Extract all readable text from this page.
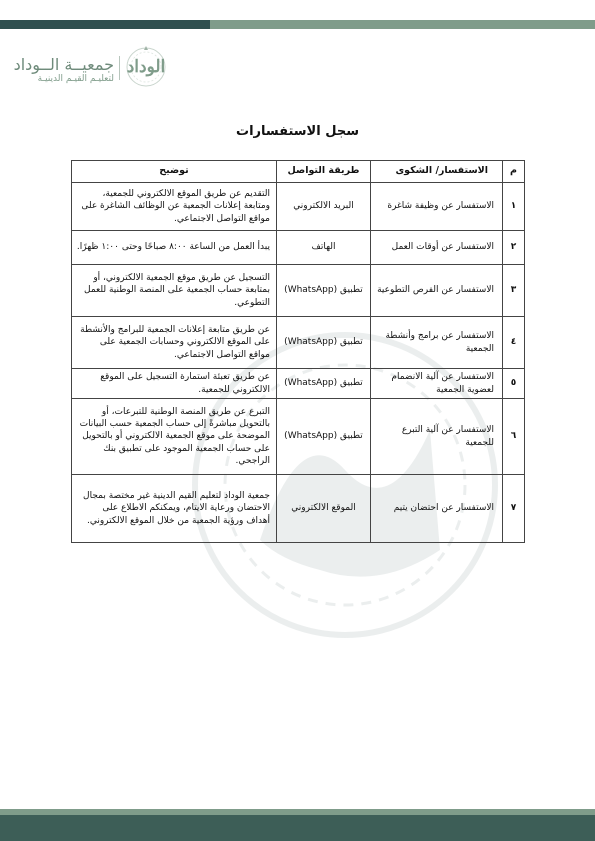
الوداد
جمعيــة الــوداد
لتعليـم القيـم الدينيـة
سجل الاستفسارات
م	الاستفسار/ الشكوى	طريقة التواصل	توضيح
١	الاستفسار عن وظيفة شاغرة	البريد الالكتروني	التقديم عن طريق الموقع الالكتروني للجمعية، ومتابعة إعلانات الجمعية عن الوظائف الشاغرة على مواقع التواصل الاجتماعي.
٢	الاستفسار عن أوقات العمل	الهاتف	يبدأ العمل من الساعة ٨:٠٠ صباحًا وحتى ١:٠٠ ظهرًا.
٣	الاستفسار عن الفرص التطوعية	تطبيق (WhatsApp)	التسجيل عن طريق موقع الجمعية الالكتروني، أو بمتابعة حساب الجمعية على المنصة الوطنية للعمل التطوعي.
٤	الاستفسار عن برامج وأنشطة الجمعية	تطبيق (WhatsApp)	عن طريق متابعة إعلانات الجمعية للبرامج والأنشطة على الموقع الالكتروني وحسابات الجمعية على مواقع التواصل الاجتماعي.
٥	الاستفسار عن آلية الانضمام لعضوية الجمعية	تطبيق (WhatsApp)	عن طريق تعبئة استمارة التسجيل على الموقع الالكتروني للجمعية.
٦	الاستفسار عن آلية التبرع للجمعية	تطبيق (WhatsApp)	التبرع عن طريق المنصة الوطنية للتبرعات، أو بالتحويل مباشرةً إلى حساب الجمعية حسب البيانات الموضحة على موقع الجمعية الالكتروني أو بالتحويل على حساب الجمعية الموجود على تطبيق بنك الراجحي.
٧	الاستفسار عن احتضان يتيم	الموقع الالكتروني	جمعية الوداد لتعليم القيم الدينية غير مختصة بمجال الاحتضان ورعاية الايتام، ويمكنكم الاطلاع على أهداف ورؤية الجمعية من خلال الموقع الالكتروني.
